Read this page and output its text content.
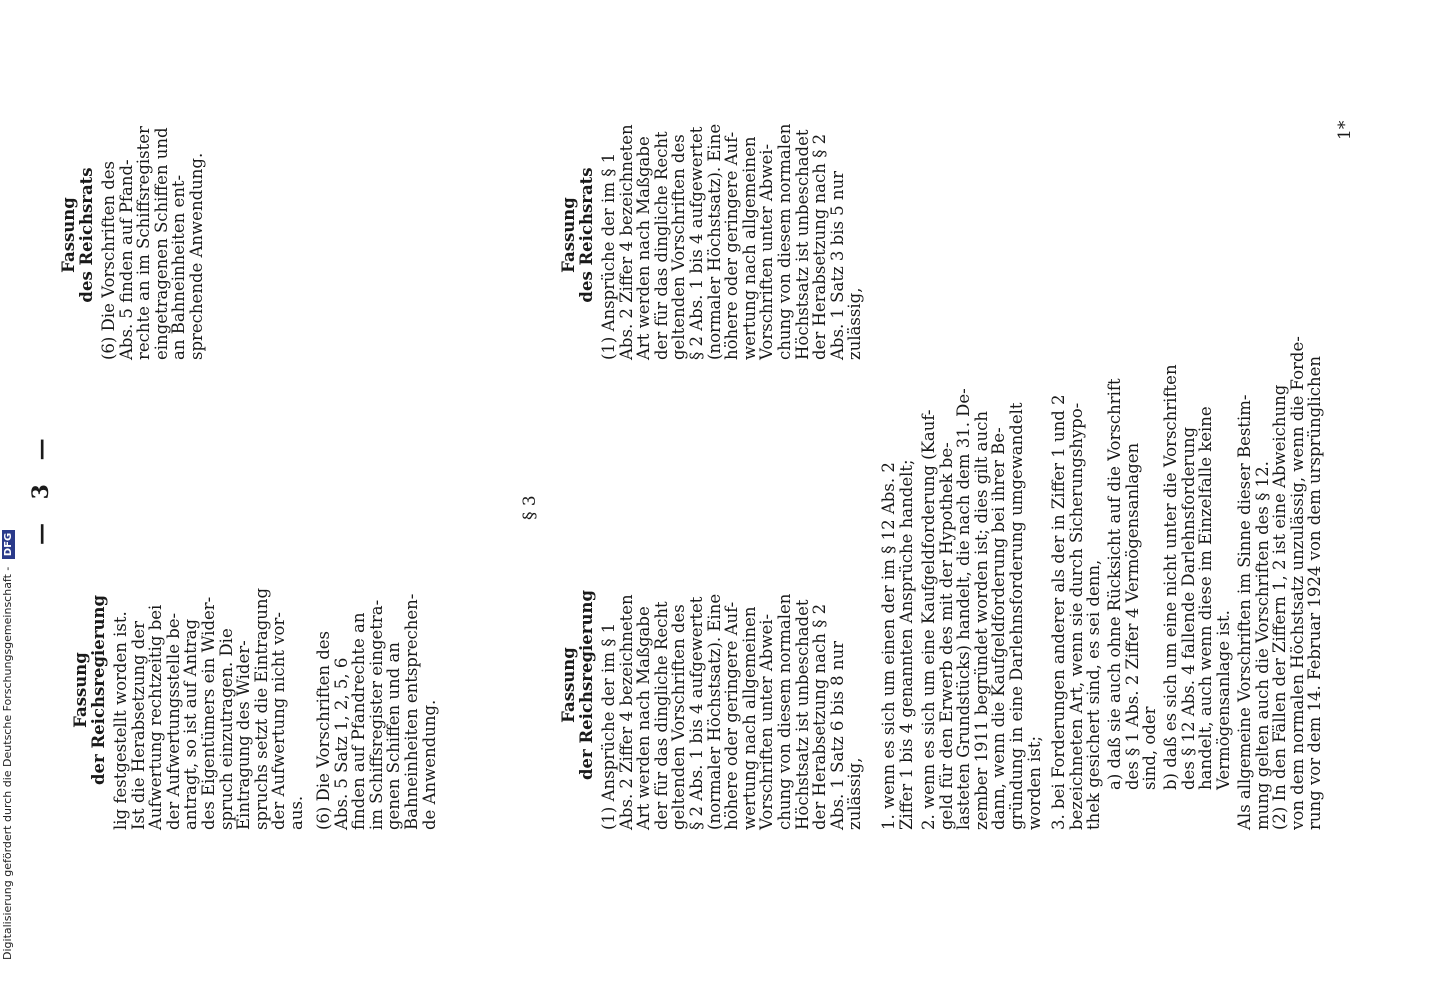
— 3 —
Fassung der Reichsregierung lig festgestellt worden ist.
Ist die Herabsetzung der
Aufwertung rechtzeitig bei
der Aufwertungsstelle be-
antragt, so ist auf Antrag
des Eigentümers ein Wider-
spruch einzutragen. Die
Eintragung des Wider-
spruchs setzt die Eintragung
der Aufwertung nicht vor-
aus. (6) Die Vorschriften des
Abs. 5 Satz 1, 2, 5, 6
finden auf Pfandrechte an
im Schiffsregister eingetra-
genen Schiffen und an
Bahneinheiten entsprechen-
de Anwendung.
Fassung des Reichsrats (6) Die Vorschriften des
Abs. 5 finden auf Pfand-
rechte an im Schiffsregister
eingetragenen Schiffen und
an Bahneinheiten ent-
sprechende Anwendung.
§ 3
Fassung der Reichsregierung (1) Ansprüche der im § 1
Abs. 2 Ziffer 4 bezeichneten
Art werden nach Maßgabe
der für das dingliche Recht
geltenden Vorschriften des
§ 2 Abs. 1 bis 4 aufgewertet
(normaler Höchstsatz). Eine
höhere oder geringere Auf-
wertung nach allgemeinen
Vorschriften unter Abwei-
chung von diesem normalen
Höchstsatz ist unbeschadet
der Herabsetzung nach § 2
Abs. 1 Satz 6 bis 8 nur
zulässig,
Fassung des Reichsrats (1) Ansprüche der im § 1
Abs. 2 Ziffer 4 bezeichneten
Art werden nach Maßgabe
der für das dingliche Recht
geltenden Vorschriften des
§ 2 Abs. 1 bis 4 aufgewertet
(normaler Höchstsatz). Eine
höhere oder geringere Auf-
wertung nach allgemeinen
Vorschriften unter Abwei-
chung von diesem normalen
Höchstsatz ist unbeschadet
der Herabsetzung nach § 2
Abs. 1 Satz 3 bis 5 nur
zulässig,
1. wenn es sich um einen der im § 12 Abs. 2
Ziffer 1 bis 4 genannten Ansprüche handelt; 2. wenn es sich um eine Kaufgeldforderung (Kauf-
geld für den Erwerb des mit der Hypothek be-
lasteten Grundstücks) handelt, die nach dem 31. De-
zember 1911 begründet worden ist; dies gilt auch
dann, wenn die Kaufgeldforderung bei ihrer Be-
gründung in eine Darlehnsforderung umgewandelt
worden ist; 3. bei Forderungen anderer als der in Ziffer 1 und 2
bezeichneten Art, wenn sie durch Sicherungshypo-
thek gesichert sind, es sei denn, a) daß sie auch ohne Rücksicht auf die Vorschrift
des § 1 Abs. 2 Ziffer 4 Vermögensanlagen
sind, oder b) daß es sich um eine nicht unter die Vorschriften
des § 12 Abs. 4 fallende Darlehnsforderung
handelt, auch wenn diese im Einzelfalle keine
Vermögensanlage ist. Als allgemeine Vorschriften im Sinne dieser Bestim-
mung gelten auch die Vorschriften des § 12.
(2) In den Fällen der Ziffern 1, 2 ist eine Abweichung
von dem normalen Höchstsatz unzulässig, wenn die Forde-
rung vor dem 14. Februar 1924 von dem ursprünglichen
1*
Digitalisierung gefördert durch die Deutsche Forschungsgemeinschaft - DFG
